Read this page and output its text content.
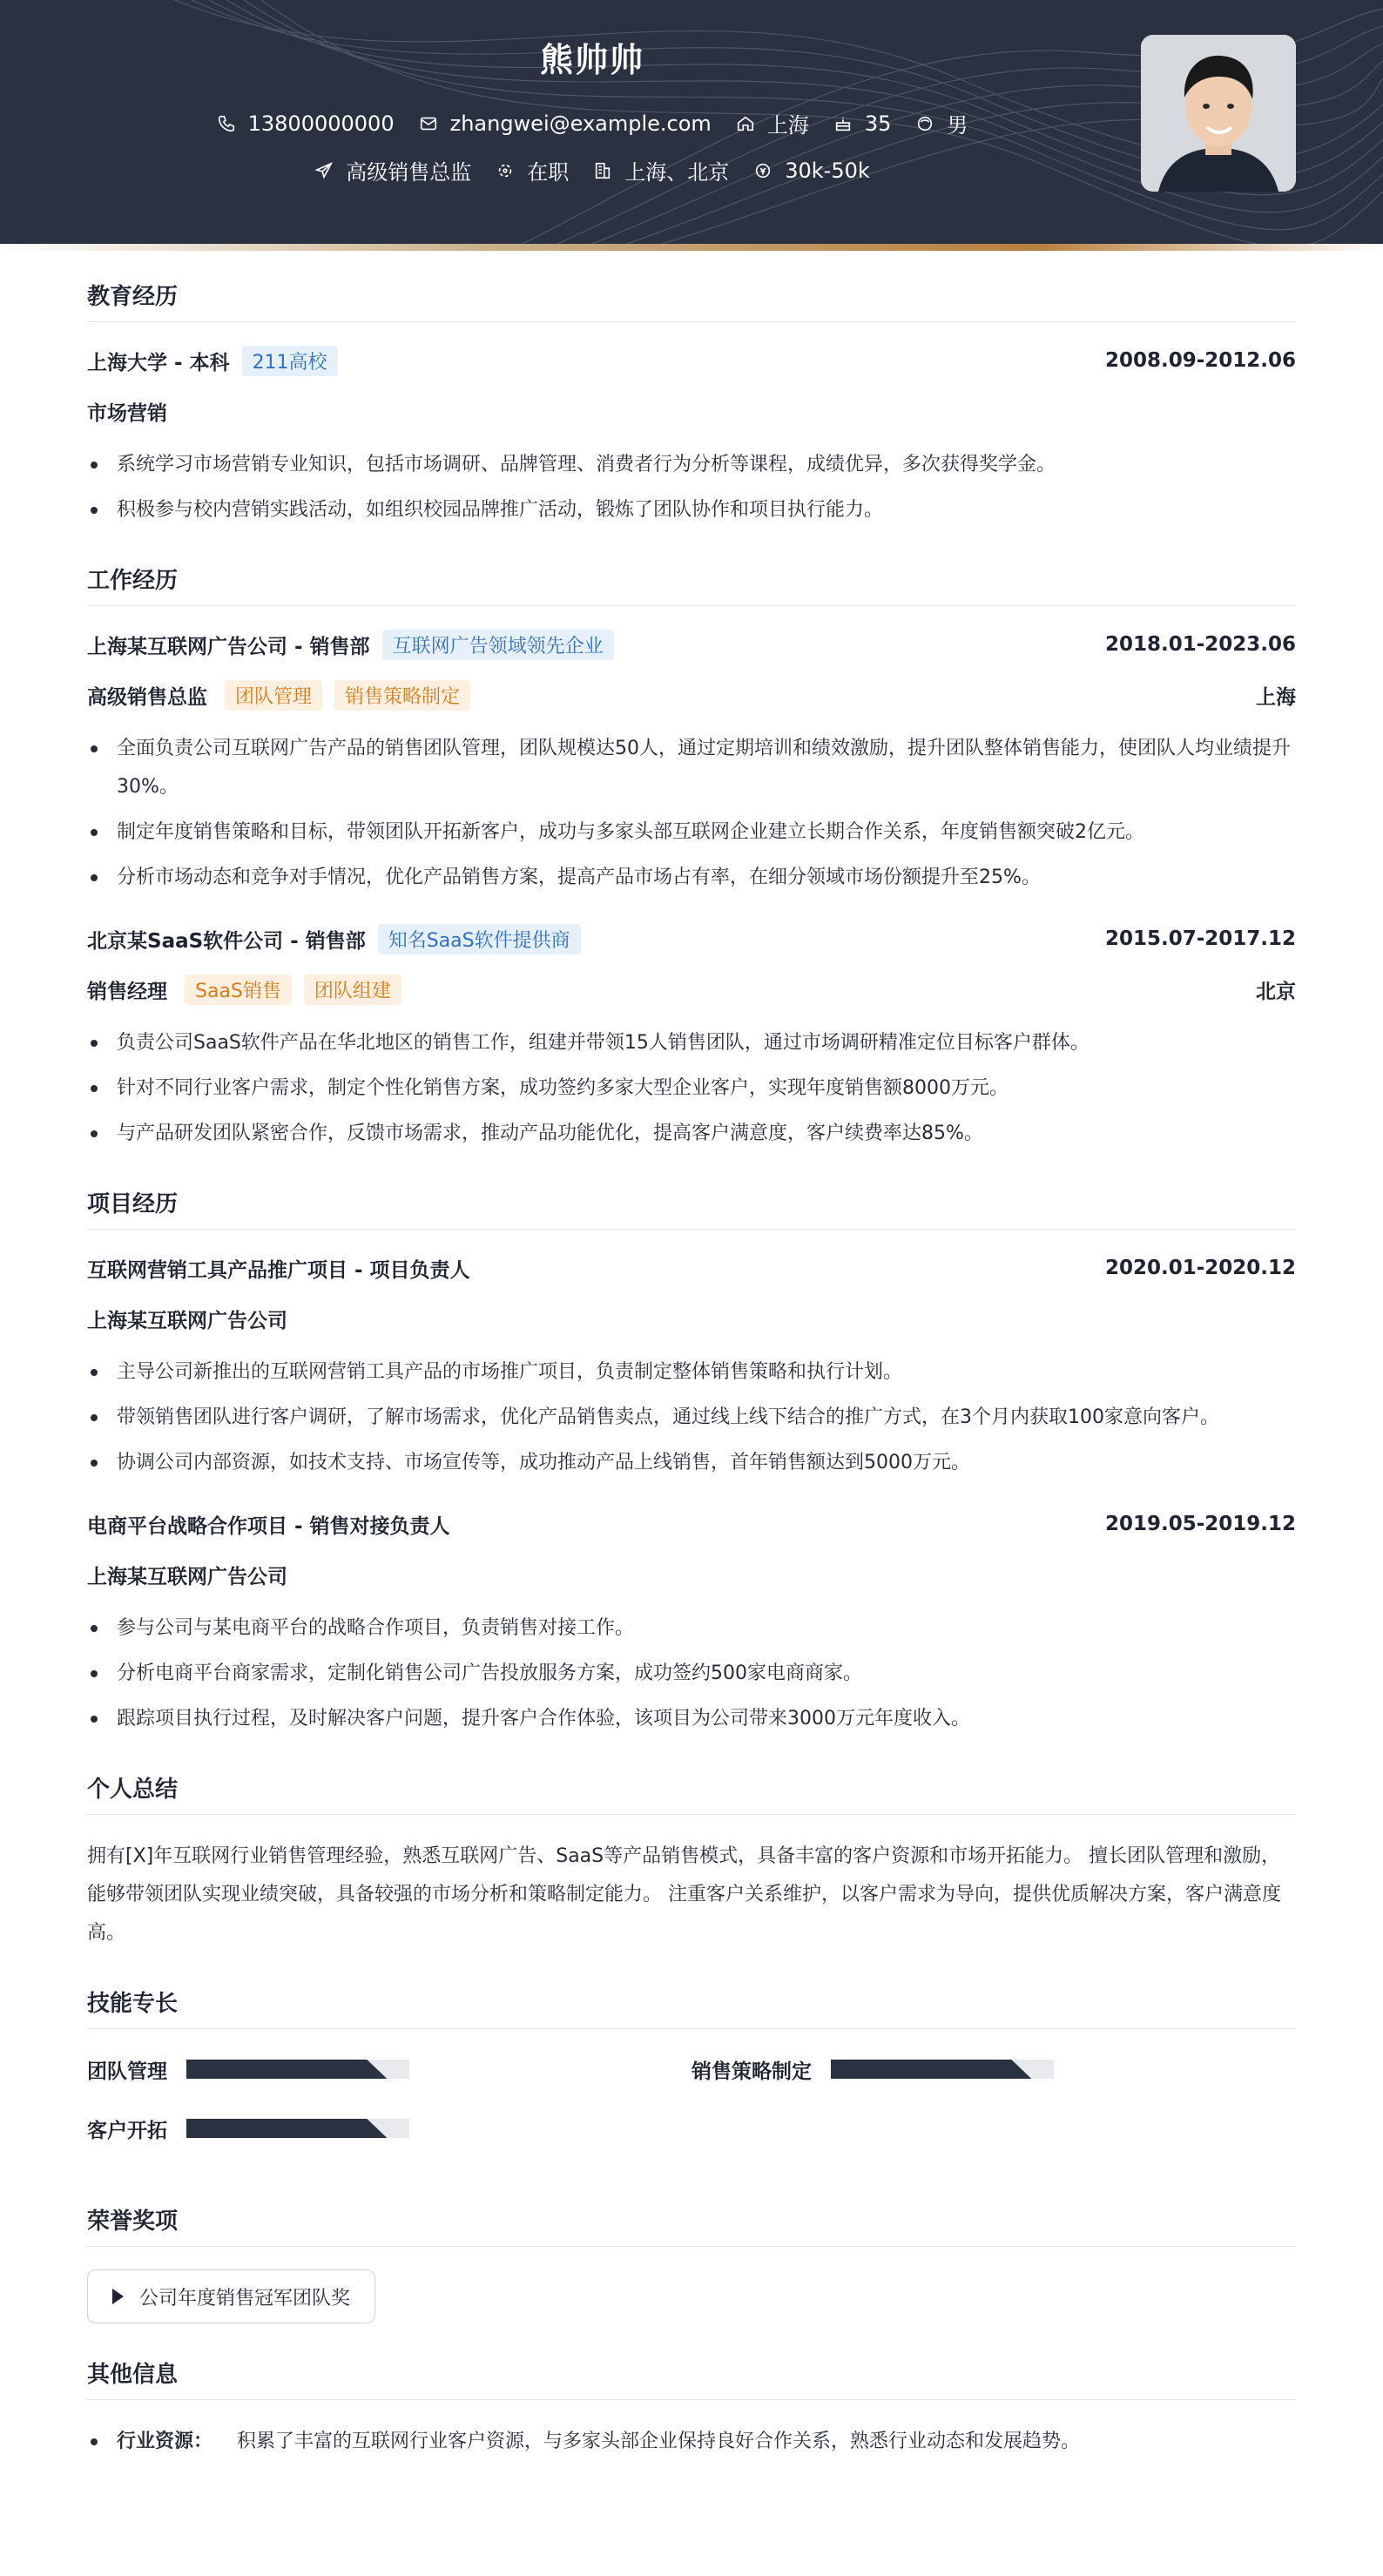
熊帅帅
13800000000	zhangwei@example.com	上海	35	男
高级销售总监	在职	上海、北京	30k-50k
教育经历
上海大学 - 本科	211高校	2008.09-2012.06
市场营销
系统学习市场营销专业知识，包括市场调研、品牌管理、消费者行为分析等课程，成绩优异，多次获得奖学金。
积极参与校内营销实践活动，如组织校园品牌推广活动，锻炼了团队协作和项目执行能力。
工作经历
上海某互联网广告公司 - 销售部	互联网广告领域领先企业	2018.01-2023.06
高级销售总监	团队管理	销售策略制定	上海
全面负责公司互联网广告产品的销售团队管理，团队规模达50人，通过定期培训和绩效激励，提升团队整体销售能力，使团队人均业绩提升30%。
制定年度销售策略和目标，带领团队开拓新客户，成功与多家头部互联网企业建立长期合作关系，年度销售额突破2亿元。
分析市场动态和竞争对手情况，优化产品销售方案，提高产品市场占有率，在细分领域市场份额提升至25%。
北京某SaaS软件公司 - 销售部	知名SaaS软件提供商	2015.07-2017.12
销售经理	SaaS销售	团队组建	北京
负责公司SaaS软件产品在华北地区的销售工作，组建并带领15人销售团队，通过市场调研精准定位目标客户群体。
针对不同行业客户需求，制定个性化销售方案，成功签约多家大型企业客户，实现年度销售额8000万元。
与产品研发团队紧密合作，反馈市场需求，推动产品功能优化，提高客户满意度，客户续费率达85%。
项目经历
互联网营销工具产品推广项目 - 项目负责人	2020.01-2020.12
上海某互联网广告公司
主导公司新推出的互联网营销工具产品的市场推广项目，负责制定整体销售策略和执行计划。
带领销售团队进行客户调研，了解市场需求，优化产品销售卖点，通过线上线下结合的推广方式，在3个月内获取100家意向客户。
协调公司内部资源，如技术支持、市场宣传等，成功推动产品上线销售，首年销售额达到5000万元。
电商平台战略合作项目 - 销售对接负责人	2019.05-2019.12
上海某互联网广告公司
参与公司与某电商平台的战略合作项目，负责销售对接工作。
分析电商平台商家需求，定制化销售公司广告投放服务方案，成功签约500家电商商家。
跟踪项目执行过程，及时解决客户问题，提升客户合作体验，该项目为公司带来3000万元年度收入。
个人总结
拥有[X]年互联网行业销售管理经验，熟悉互联网广告、SaaS等产品销售模式，具备丰富的客户资源和市场开拓能力。 擅长团队管理和激励，能够带领团队实现业绩突破，具备较强的市场分析和策略制定能力。 注重客户关系维护，以客户需求为导向，提供优质解决方案，客户满意度高。
技能专长
团队管理	销售策略制定
客户开拓
荣誉奖项
公司年度销售冠军团队奖
其他信息
行业资源： 积累了丰富的互联网行业客户资源，与多家头部企业保持良好合作关系，熟悉行业动态和发展趋势。
